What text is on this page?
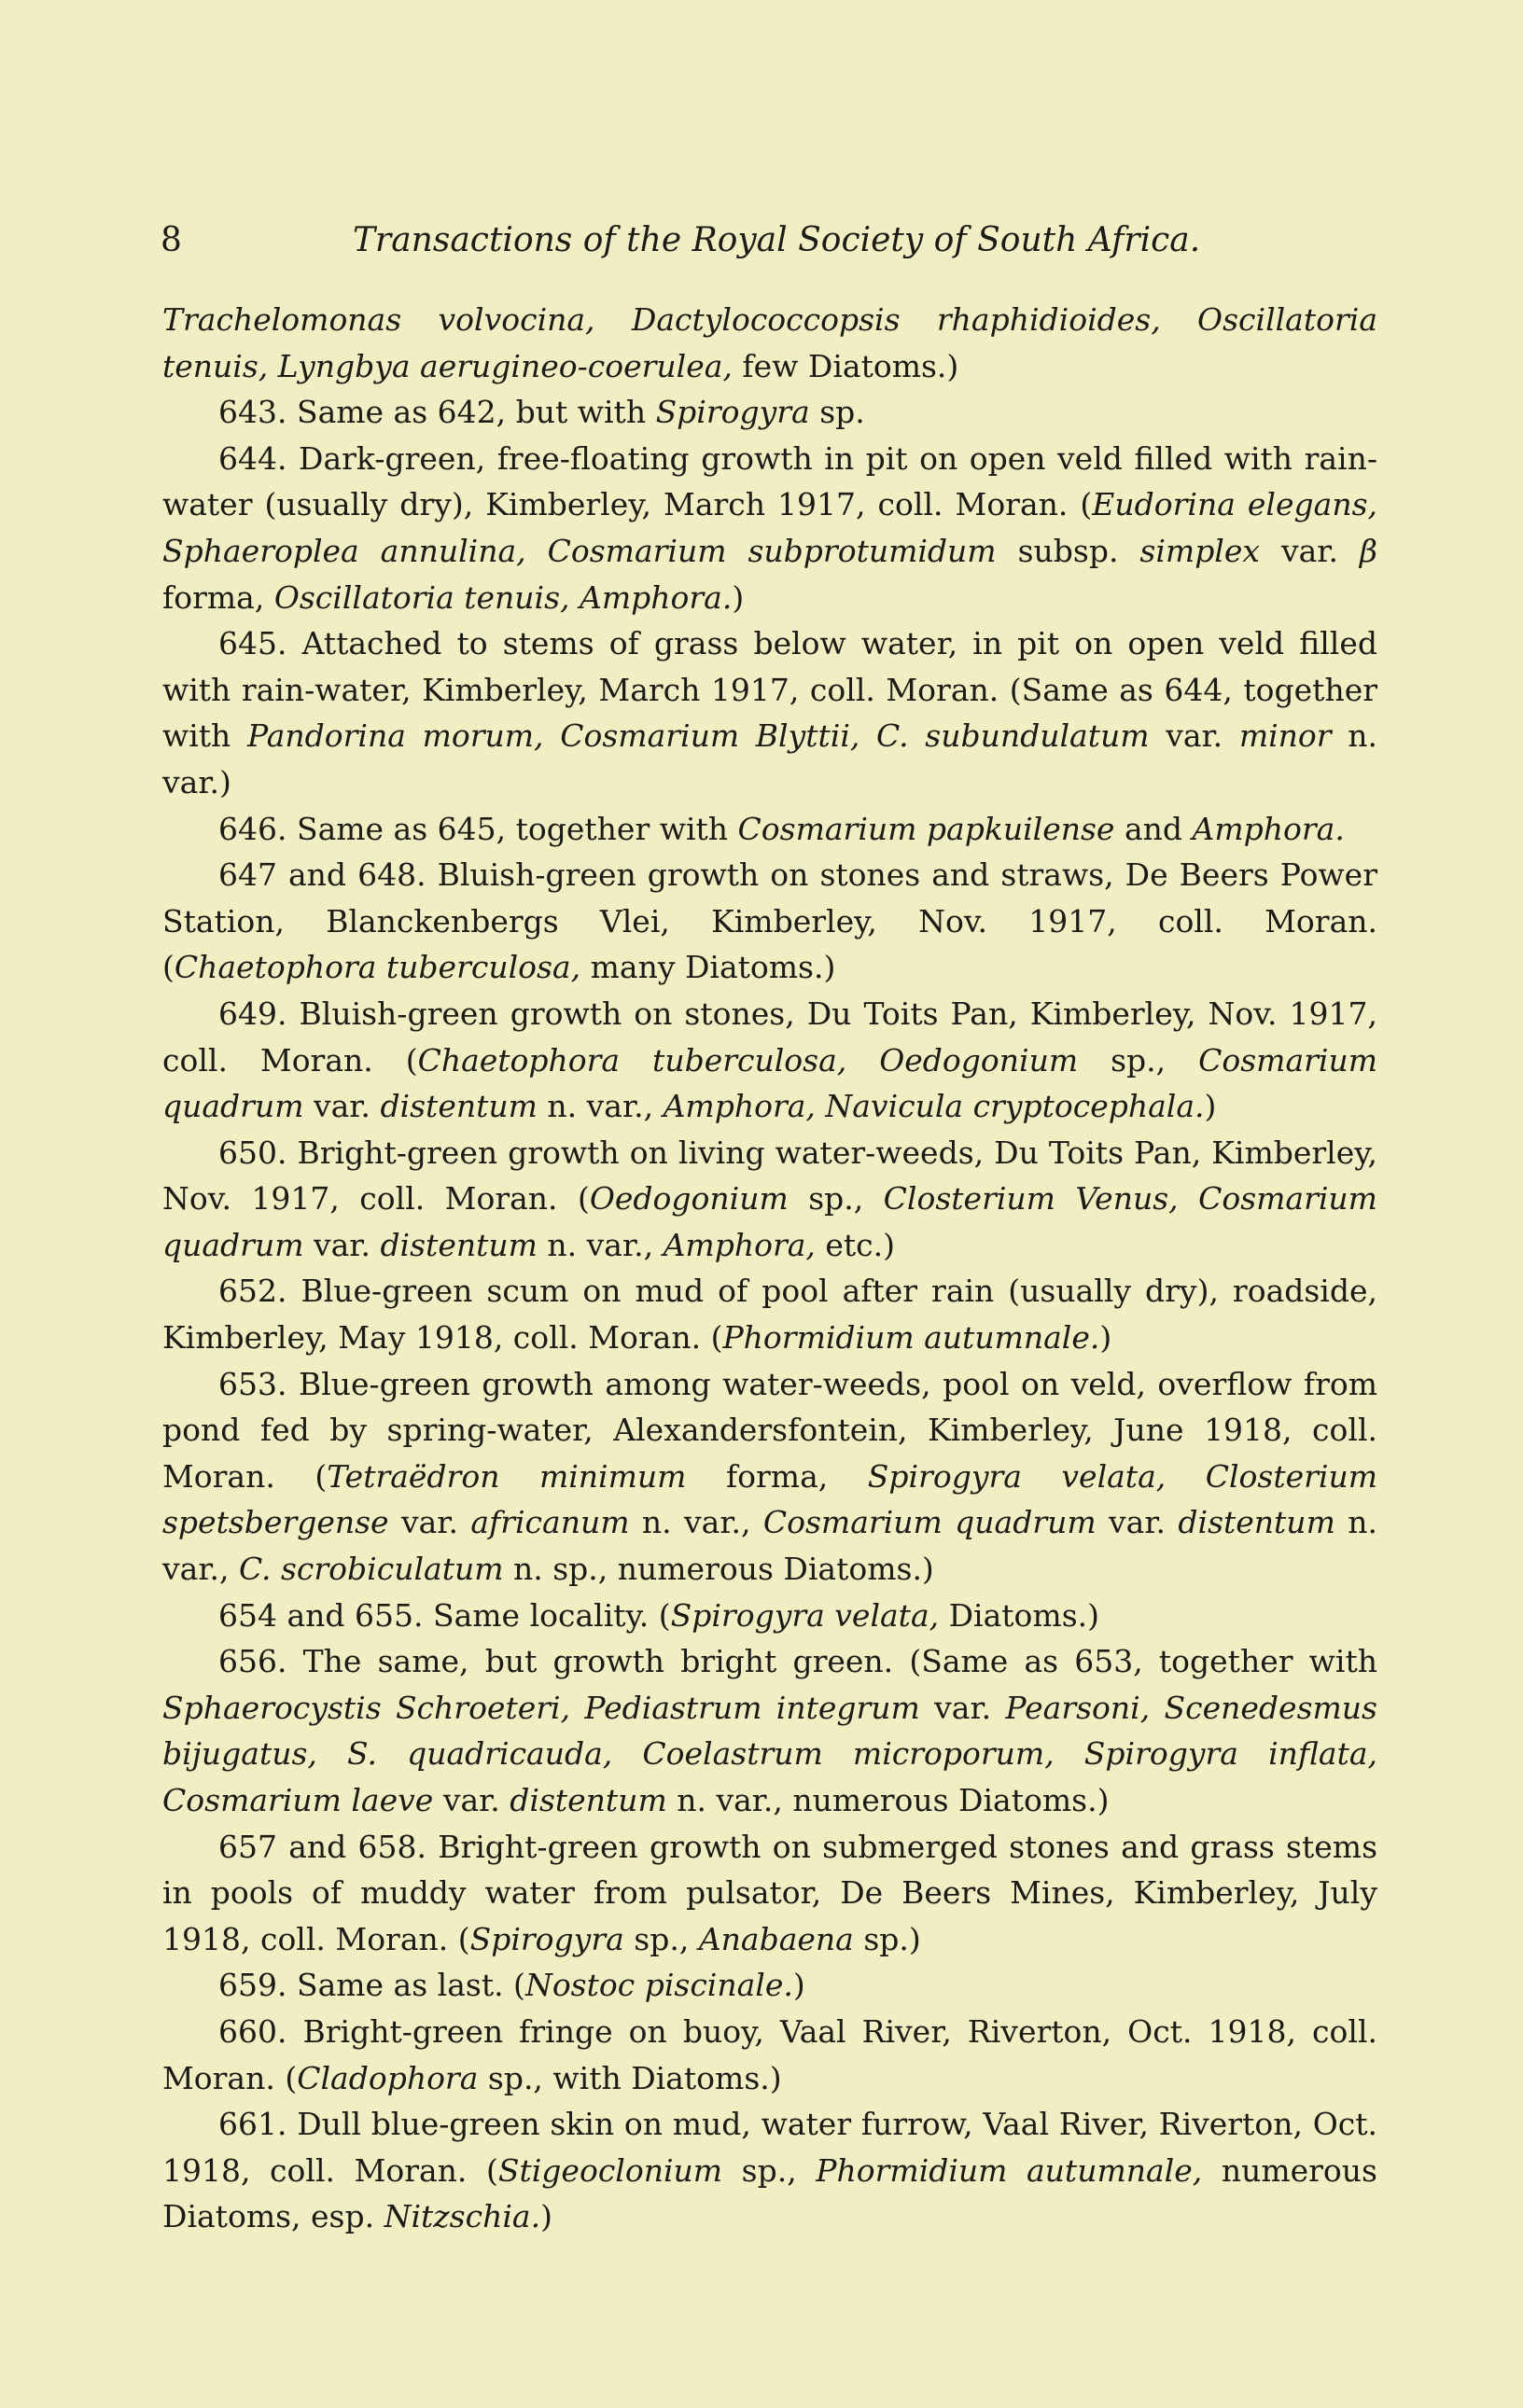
8	Transactions of the Royal Society of South Africa.

Trachelomonas volvocina, Dactylococcopsis rhaphidioides, Oscillatoria tenuis, Lyngbya aerugineo-coerulea, few Diatoms.)

643. Same as 642, but with Spirogyra sp.

644. Dark-green, free-floating growth in pit on open veld filled with rain-water (usually dry), Kimberley, March 1917, coll. Moran. (Eudorina elegans, Sphaeroplea annulina, Cosmarium subprotumidum subsp. simplex var. β forma, Oscillatoria tenuis, Amphora.)

645. Attached to stems of grass below water, in pit on open veld filled with rain-water, Kimberley, March 1917, coll. Moran. (Same as 644, together with Pandorina morum, Cosmarium Blyttii, C. subundulatum var. minor n. var.)

646. Same as 645, together with Cosmarium papkuilense and Amphora.

647 and 648. Bluish-green growth on stones and straws, De Beers Power Station, Blanckenbergs Vlei, Kimberley, Nov. 1917, coll. Moran. (Chaetophora tuberculosa, many Diatoms.)

649. Bluish-green growth on stones, Du Toits Pan, Kimberley, Nov. 1917, coll. Moran. (Chaetophora tuberculosa, Oedogonium sp., Cosmarium quadrum var. distentum n. var., Amphora, Navicula cryptocephala.)

650. Bright-green growth on living water-weeds, Du Toits Pan, Kimberley, Nov. 1917, coll. Moran. (Oedogonium sp., Closterium Venus, Cosmarium quadrum var. distentum n. var., Amphora, etc.)

652. Blue-green scum on mud of pool after rain (usually dry), roadside, Kimberley, May 1918, coll. Moran. (Phormidium autumnale.)

653. Blue-green growth among water-weeds, pool on veld, overflow from pond fed by spring-water, Alexandersfontein, Kimberley, June 1918, coll. Moran. (Tetraëdron minimum forma, Spirogyra velata, Closterium spetsbergense var. africanum n. var., Cosmarium quadrum var. distentum n. var., C. scrobiculatum n. sp., numerous Diatoms.)

654 and 655. Same locality. (Spirogyra velata, Diatoms.)

656. The same, but growth bright green. (Same as 653, together with Sphaerocystis Schroeteri, Pediastrum integrum var. Pearsoni, Scenedesmus bijugatus, S. quadricauda, Coelastrum microporum, Spirogyra inflata, Cosmarium laeve var. distentum n. var., numerous Diatoms.)

657 and 658. Bright-green growth on submerged stones and grass stems in pools of muddy water from pulsator, De Beers Mines, Kimberley, July 1918, coll. Moran. (Spirogyra sp., Anabaena sp.)

659. Same as last. (Nostoc piscinale.)

660. Bright-green fringe on buoy, Vaal River, Riverton, Oct. 1918, coll. Moran. (Cladophora sp., with Diatoms.)

661. Dull blue-green skin on mud, water furrow, Vaal River, Riverton, Oct. 1918, coll. Moran. (Stigeoclonium sp., Phormidium autumnale, numerous Diatoms, esp. Nitzschia.)
